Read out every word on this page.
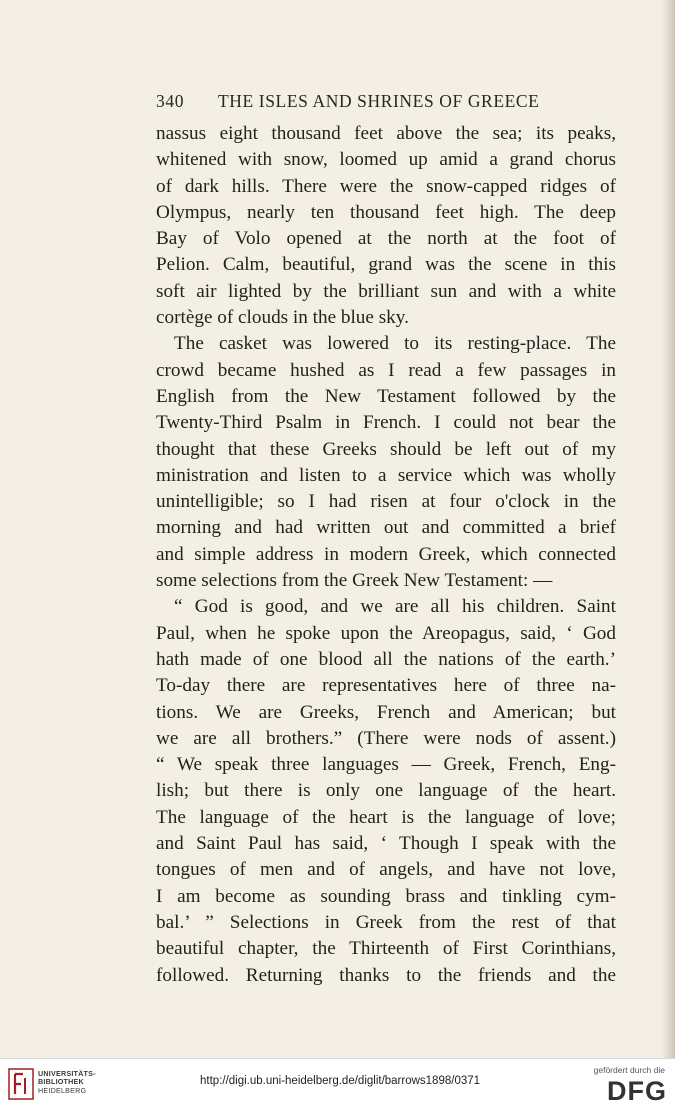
340 THE ISLES AND SHRINES OF GREECE
nassus eight thousand feet above the sea; its peaks,
whitened with snow, loomed up amid a grand chorus
of dark hills. There were the snow-capped ridges of
Olympus, nearly ten thousand feet high. The deep
Bay of Volo opened at the north at the foot of
Pelion. Calm, beautiful, grand was the scene in this
soft air lighted by the brilliant sun and with a white
cortège of clouds in the blue sky.
The casket was lowered to its resting-place. The
crowd became hushed as I read a few passages in
English from the New Testament followed by the
Twenty-Third Psalm in French. I could not bear the
thought that these Greeks should be left out of my
ministration and listen to a service which was wholly
unintelligible; so I had risen at four o'clock in the
morning and had written out and committed a brief
and simple address in modern Greek, which connected
some selections from the Greek New Testament: —
“ God is good, and we are all his children. Saint
Paul, when he spoke upon the Areopagus, said, ‘ God
hath made of one blood all the nations of the earth.’
To-day there are representatives here of three na-
tions. We are Greeks, French and American; but
we are all brothers.” (There were nods of assent.)
“ We speak three languages — Greek, French, Eng-
lish; but there is only one language of the heart.
The language of the heart is the language of love;
and Saint Paul has said, ‘ Though I speak with the
tongues of men and of angels, and have not love,
I am become as sounding brass and tinkling cym-
bal.’ ” Selections in Greek from the rest of that
beautiful chapter, the Thirteenth of First Corinthians,
followed. Returning thanks to the friends and the
UNIVERSITÄTS-
BIBLIOTHEK
HEIDELBERG
http://digi.ub.uni-heidelberg.de/diglit/barrows1898/0371
gefördert durch die
DFG
